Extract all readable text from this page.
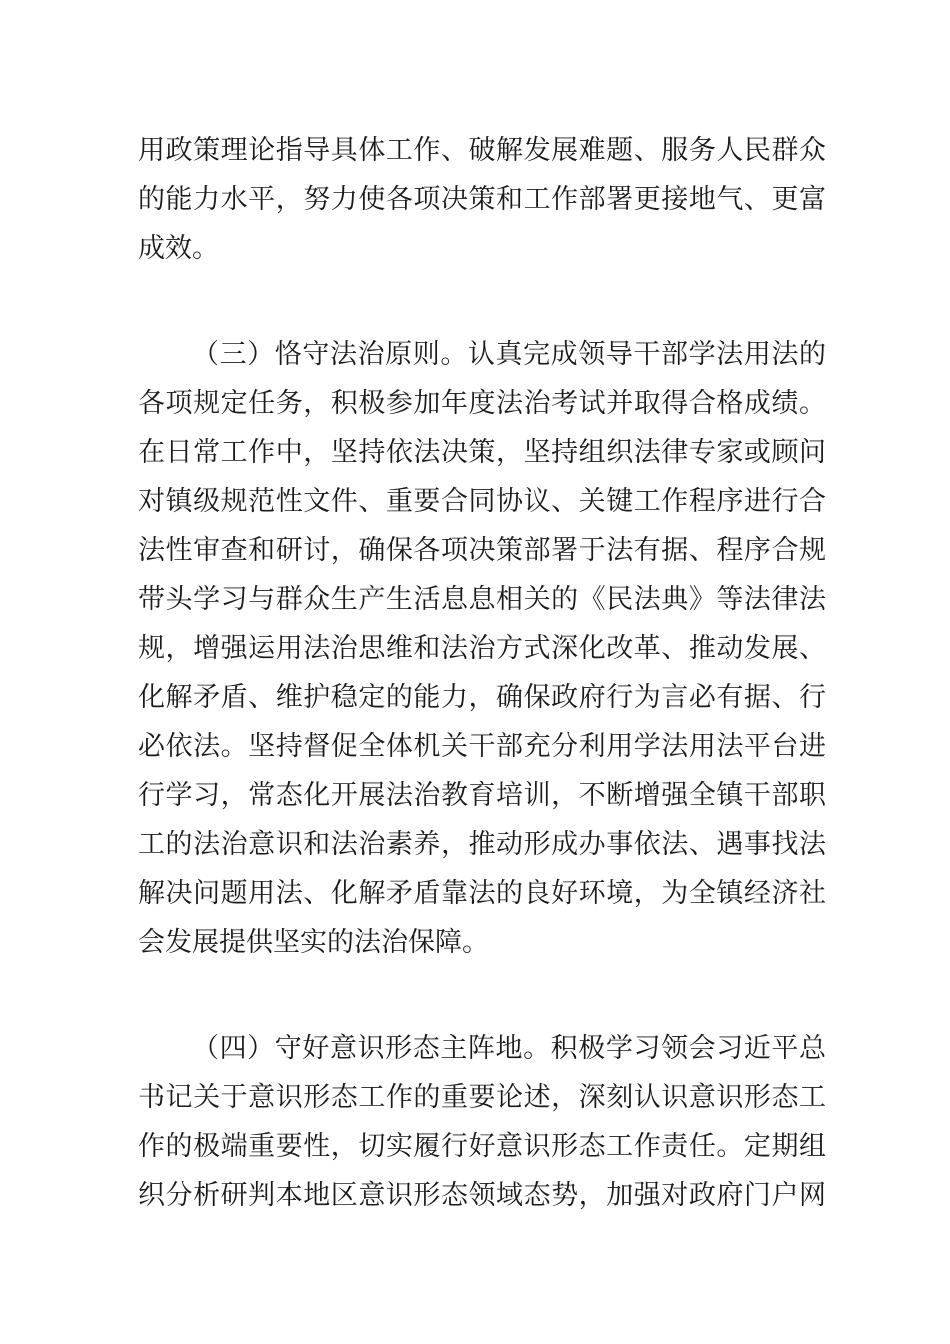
用政策理论指导具体工作、破解发展难题、服务人民群众
的能力水平，努力使各项决策和工作部署更接地气、更富
成效。
（三）恪守法治原则。认真完成领导干部学法用法的
各项规定任务，积极参加年度法治考试并取得合格成绩。
在日常工作中，坚持依法决策，坚持组织法律专家或顾问
对镇级规范性文件、重要合同协议、关键工作程序进行合
法性审查和研讨，确保各项决策部署于法有据、程序合规
带头学习与群众生产生活息息相关的《民法典》等法律法
规，增强运用法治思维和法治方式深化改革、推动发展、
化解矛盾、维护稳定的能力，确保政府行为言必有据、行
必依法。坚持督促全体机关干部充分利用学法用法平台进
行学习，常态化开展法治教育培训，不断增强全镇干部职
工的法治意识和法治素养，推动形成办事依法、遇事找法
解决问题用法、化解矛盾靠法的良好环境，为全镇经济社
会发展提供坚实的法治保障。
（四）守好意识形态主阵地。积极学习领会习近平总
书记关于意识形态工作的重要论述，深刻认识意识形态工
作的极端重要性，切实履行好意识形态工作责任。定期组
织分析研判本地区意识形态领域态势，加强对政府门户网
